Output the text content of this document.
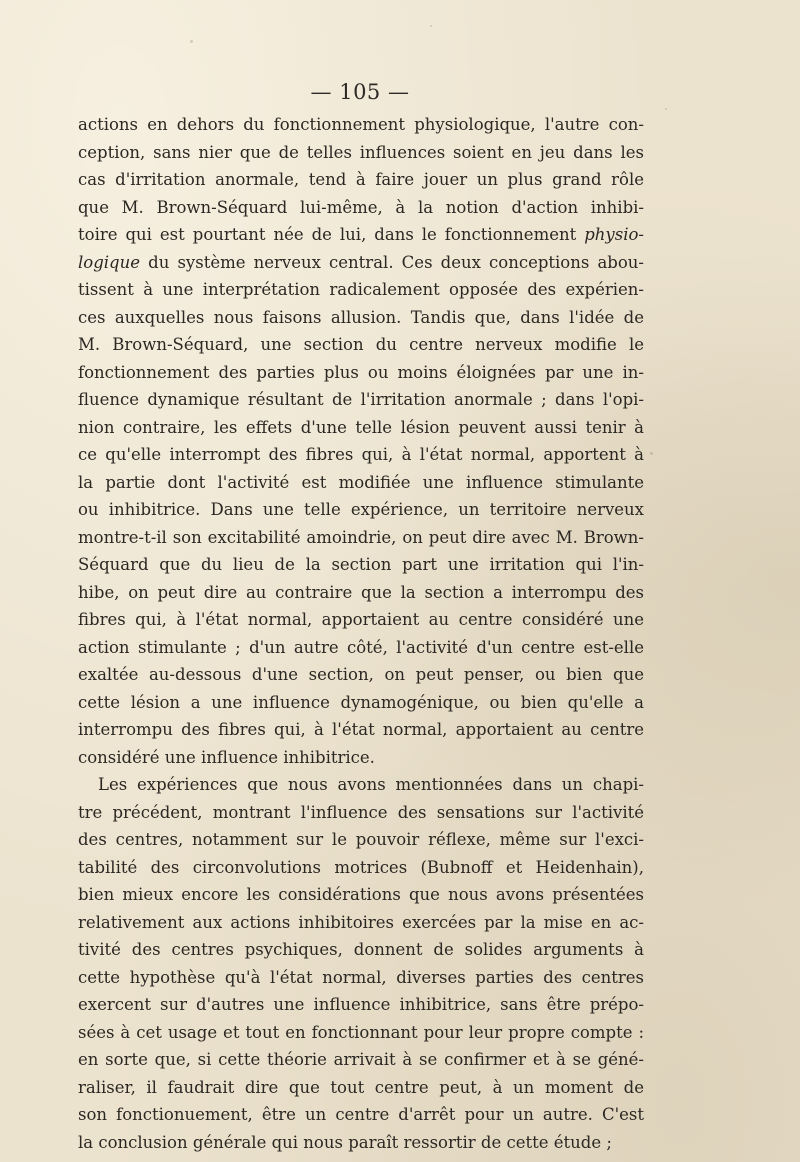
— 105 —
actions en dehors du fonctionnement physiologique, l'autre con-
ception, sans nier que de telles influences soient en jeu dans les
cas d'irritation anormale, tend à faire jouer un plus grand rôle
que M. Brown-Séquard lui-même, à la notion d'action inhibi-
toire qui est pourtant née de lui, dans le fonctionnement physio-
logique du système nerveux central. Ces deux conceptions abou-
tissent à une interprétation radicalement opposée des expérien-
ces auxquelles nous faisons allusion. Tandis que, dans l'idée de
M. Brown-Séquard, une section du centre nerveux modifie le
fonctionnement des parties plus ou moins éloignées par une in-
fluence dynamique résultant de l'irritation anormale ; dans l'opi-
nion contraire, les effets d'une telle lésion peuvent aussi tenir à
ce qu'elle interrompt des fibres qui, à l'état normal, apportent à
la partie dont l'activité est modifiée une influence stimulante
ou inhibitrice. Dans une telle expérience, un territoire nerveux
montre-t-il son excitabilité amoindrie, on peut dire avec M. Brown-
Séquard que du lieu de la section part une irritation qui l'in-
hibe, on peut dire au contraire que la section a interrompu des
fibres qui, à l'état normal, apportaient au centre considéré une
action stimulante ; d'un autre côté, l'activité d'un centre est-elle
exaltée au-dessous d'une section, on peut penser, ou bien que
cette lésion a une influence dynamogénique, ou bien qu'elle a
interrompu des fibres qui, à l'état normal, apportaient au centre
considéré une influence inhibitrice.
Les expériences que nous avons mentionnées dans un chapi-
tre précédent, montrant l'influence des sensations sur l'activité
des centres, notamment sur le pouvoir réflexe, même sur l'exci-
tabilité des circonvolutions motrices (Bubnoff et Heidenhain),
bien mieux encore les considérations que nous avons présentées
relativement aux actions inhibitoires exercées par la mise en ac-
tivité des centres psychiques, donnent de solides arguments à
cette hypothèse qu'à l'état normal, diverses parties des centres
exercent sur d'autres une influence inhibitrice, sans être prépo-
sées à cet usage et tout en fonctionnant pour leur propre compte :
en sorte que, si cette théorie arrivait à se confirmer et à se géné-
raliser, il faudrait dire que tout centre peut, à un moment de
son fonctionuement, être un centre d'arrêt pour un autre. C'est
la conclusion générale qui nous paraît ressortir de cette étude ;
